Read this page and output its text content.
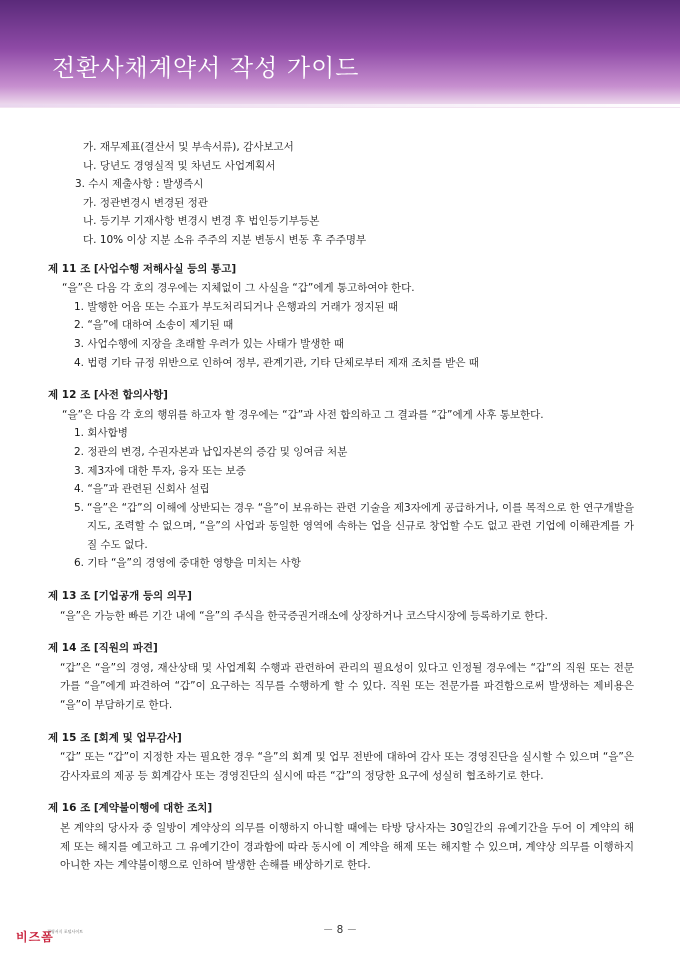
전환사채계약서 작성 가이드
가. 재무제표(결산서 및 부속서류), 감사보고서
나. 당년도 경영실적 및 차년도 사업계획서
3. 수시 제출사항 : 발생즉시
가. 정관변경시 변경된 정관
나. 등기부 기재사항 변경시 변경 후 법인등기부등본
다. 10% 이상 지분 소유 주주의 지분 변동시 변동 후 주주명부
제 11 조 [사업수행 저해사실 등의 통고]
“을”은 다음 각 호의 경우에는 지체없이 그 사실을 “갑”에게 통고하여야 한다.
1. 발행한 어음 또는 수표가 부도처리되거나 은행과의 거래가 정지된 때
2. “을”에 대하여 소송이 제기된 때
3. 사업수행에 지장을 초래할 우려가 있는 사태가 발생한 때
4. 법령 기타 규정 위반으로 인하여 정부, 관계기관, 기타 단체로부터 제재 조치를 받은 때
제 12 조 [사전 합의사항]
“을”은 다음 각 호의 행위를 하고자 할 경우에는 “갑”과 사전 합의하고 그 결과를 “갑”에게 사후 통보한다.
1. 회사합병
2. 정관의 변경, 수권자본과 납입자본의 증감 및 잉여금 처분
3. 제3자에 대한 투자, 융자 또는 보증
4. “을”과 관련된 신회사 설립
5. “을”은 “갑”의 이해에 상반되는 경우 “을”이 보유하는 관련 기술을 제3자에게 공급하거나, 이를 목적으로 한 연구개발을 지도, 조력할 수 없으며, “을”의 사업과 동일한 영역에 속하는 업을 신규로 창업할 수도 없고 관련 기업에 이해관계를 가질 수도 없다.
6. 기타 “을”의 경영에 중대한 영향을 미치는 사항
제 13 조 [기업공개 등의 의무]
“을”은 가능한 빠른 기간 내에 “을”의 주식을 한국증권거래소에 상장하거나 코스닥시장에 등록하기로 한다.
제 14 조 [직원의 파견]
“갑”은 “을”의 경영, 재산상태 및 사업계획 수행과 관련하여 관리의 필요성이 있다고 인정될 경우에는 “갑”의 직원 또는 전문가를 “을”에게 파견하여 “갑”이 요구하는 직무를 수행하게 할 수 있다. 직원 또는 전문가를 파견함으로써 발생하는 제비용은 “을”이 부담하기로 한다.
제 15 조 [회계 및 업무감사]
“갑” 또는 “갑”이 지정한 자는 필요한 경우 “을”의 회계 및 업무 전반에 대하여 감사 또는 경영진단을 실시할 수 있으며 “을”은 감사자료의 제공 등 회계감사 또는 경영진단의 실시에 따른 “갑”의 정당한 요구에 성실히 협조하기로 한다.
제 16 조 [계약불이행에 대한 조치]
본 계약의 당사자 중 일방이 계약상의 의무를 이행하지 아니할 때에는 타방 당사자는 30일간의 유예기간을 두어 이 계약의 해제 또는 해지를 예고하고 그 유예기간이 경과함에 따라 동시에 이 계약을 해제 또는 해지할 수 있으며, 계약상 의무를 이행하지 아니한 자는 계약불이행으로 인하여 발생한 손해를 배상하기로 한다.
비즈폼
경영서식 포털사이트	－ 8 －
